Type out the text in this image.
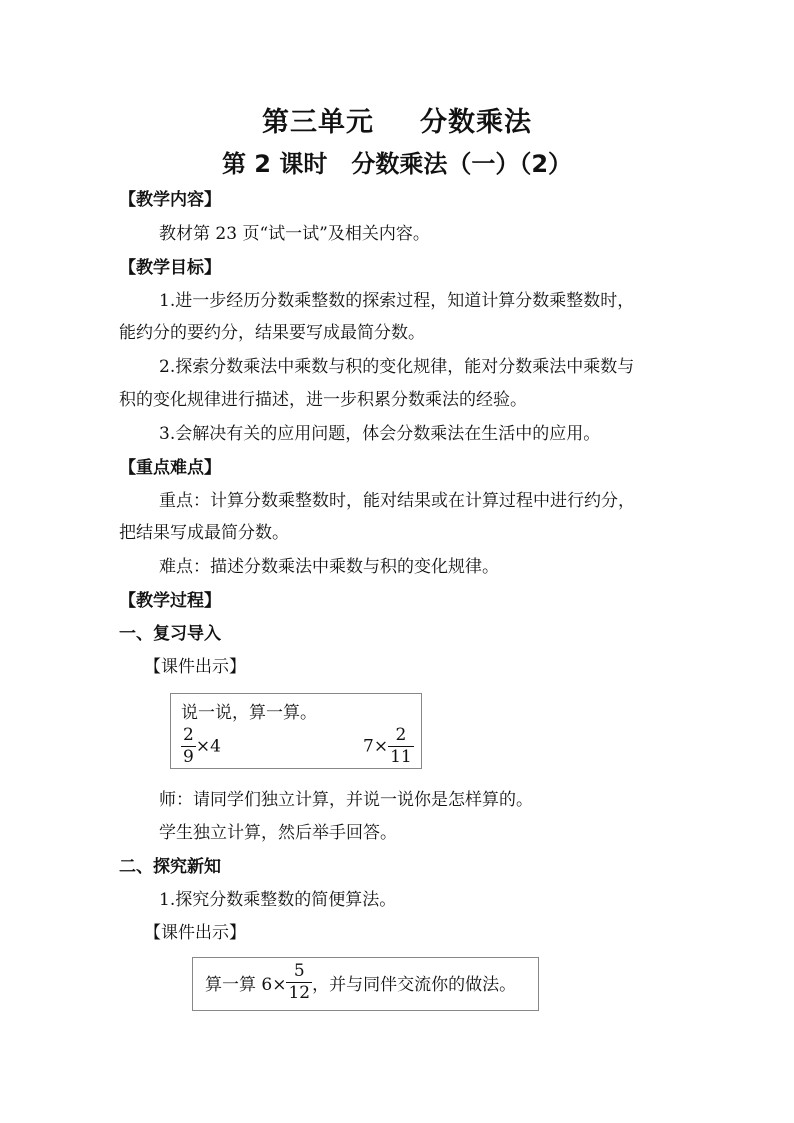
第三单元 分数乘法
第 2 课时 分数乘法（一）（2）
【教学内容】
教材第 23 页“试一试”及相关内容。
【教学目标】
1.进一步经历分数乘整数的探索过程，知道计算分数乘整数时，
能约分的要约分，结果要写成最简分数。
2.探索分数乘法中乘数与积的变化规律，能对分数乘法中乘数与
积的变化规律进行描述，进一步积累分数乘法的经验。
3.会解决有关的应用问题，体会分数乘法在生活中的应用。
【重点难点】
重点：计算分数乘整数时，能对结果或在计算过程中进行约分，
把结果写成最简分数。
难点：描述分数乘法中乘数与积的变化规律。
【教学过程】
一、复习导入
【课件出示】
说一说，算一算。
$\frac{2}{9} \times 4$	$7\times \frac{2}{11}$
师：请同学们独立计算，并说一说你是怎样算的。
学生独立计算，然后举手回答。
二、探究新知
1.探究分数乘整数的简便算法。
【课件出示】
算一算 $6\times \frac{5}{12}$ ，并与同伴交流你的做法。
